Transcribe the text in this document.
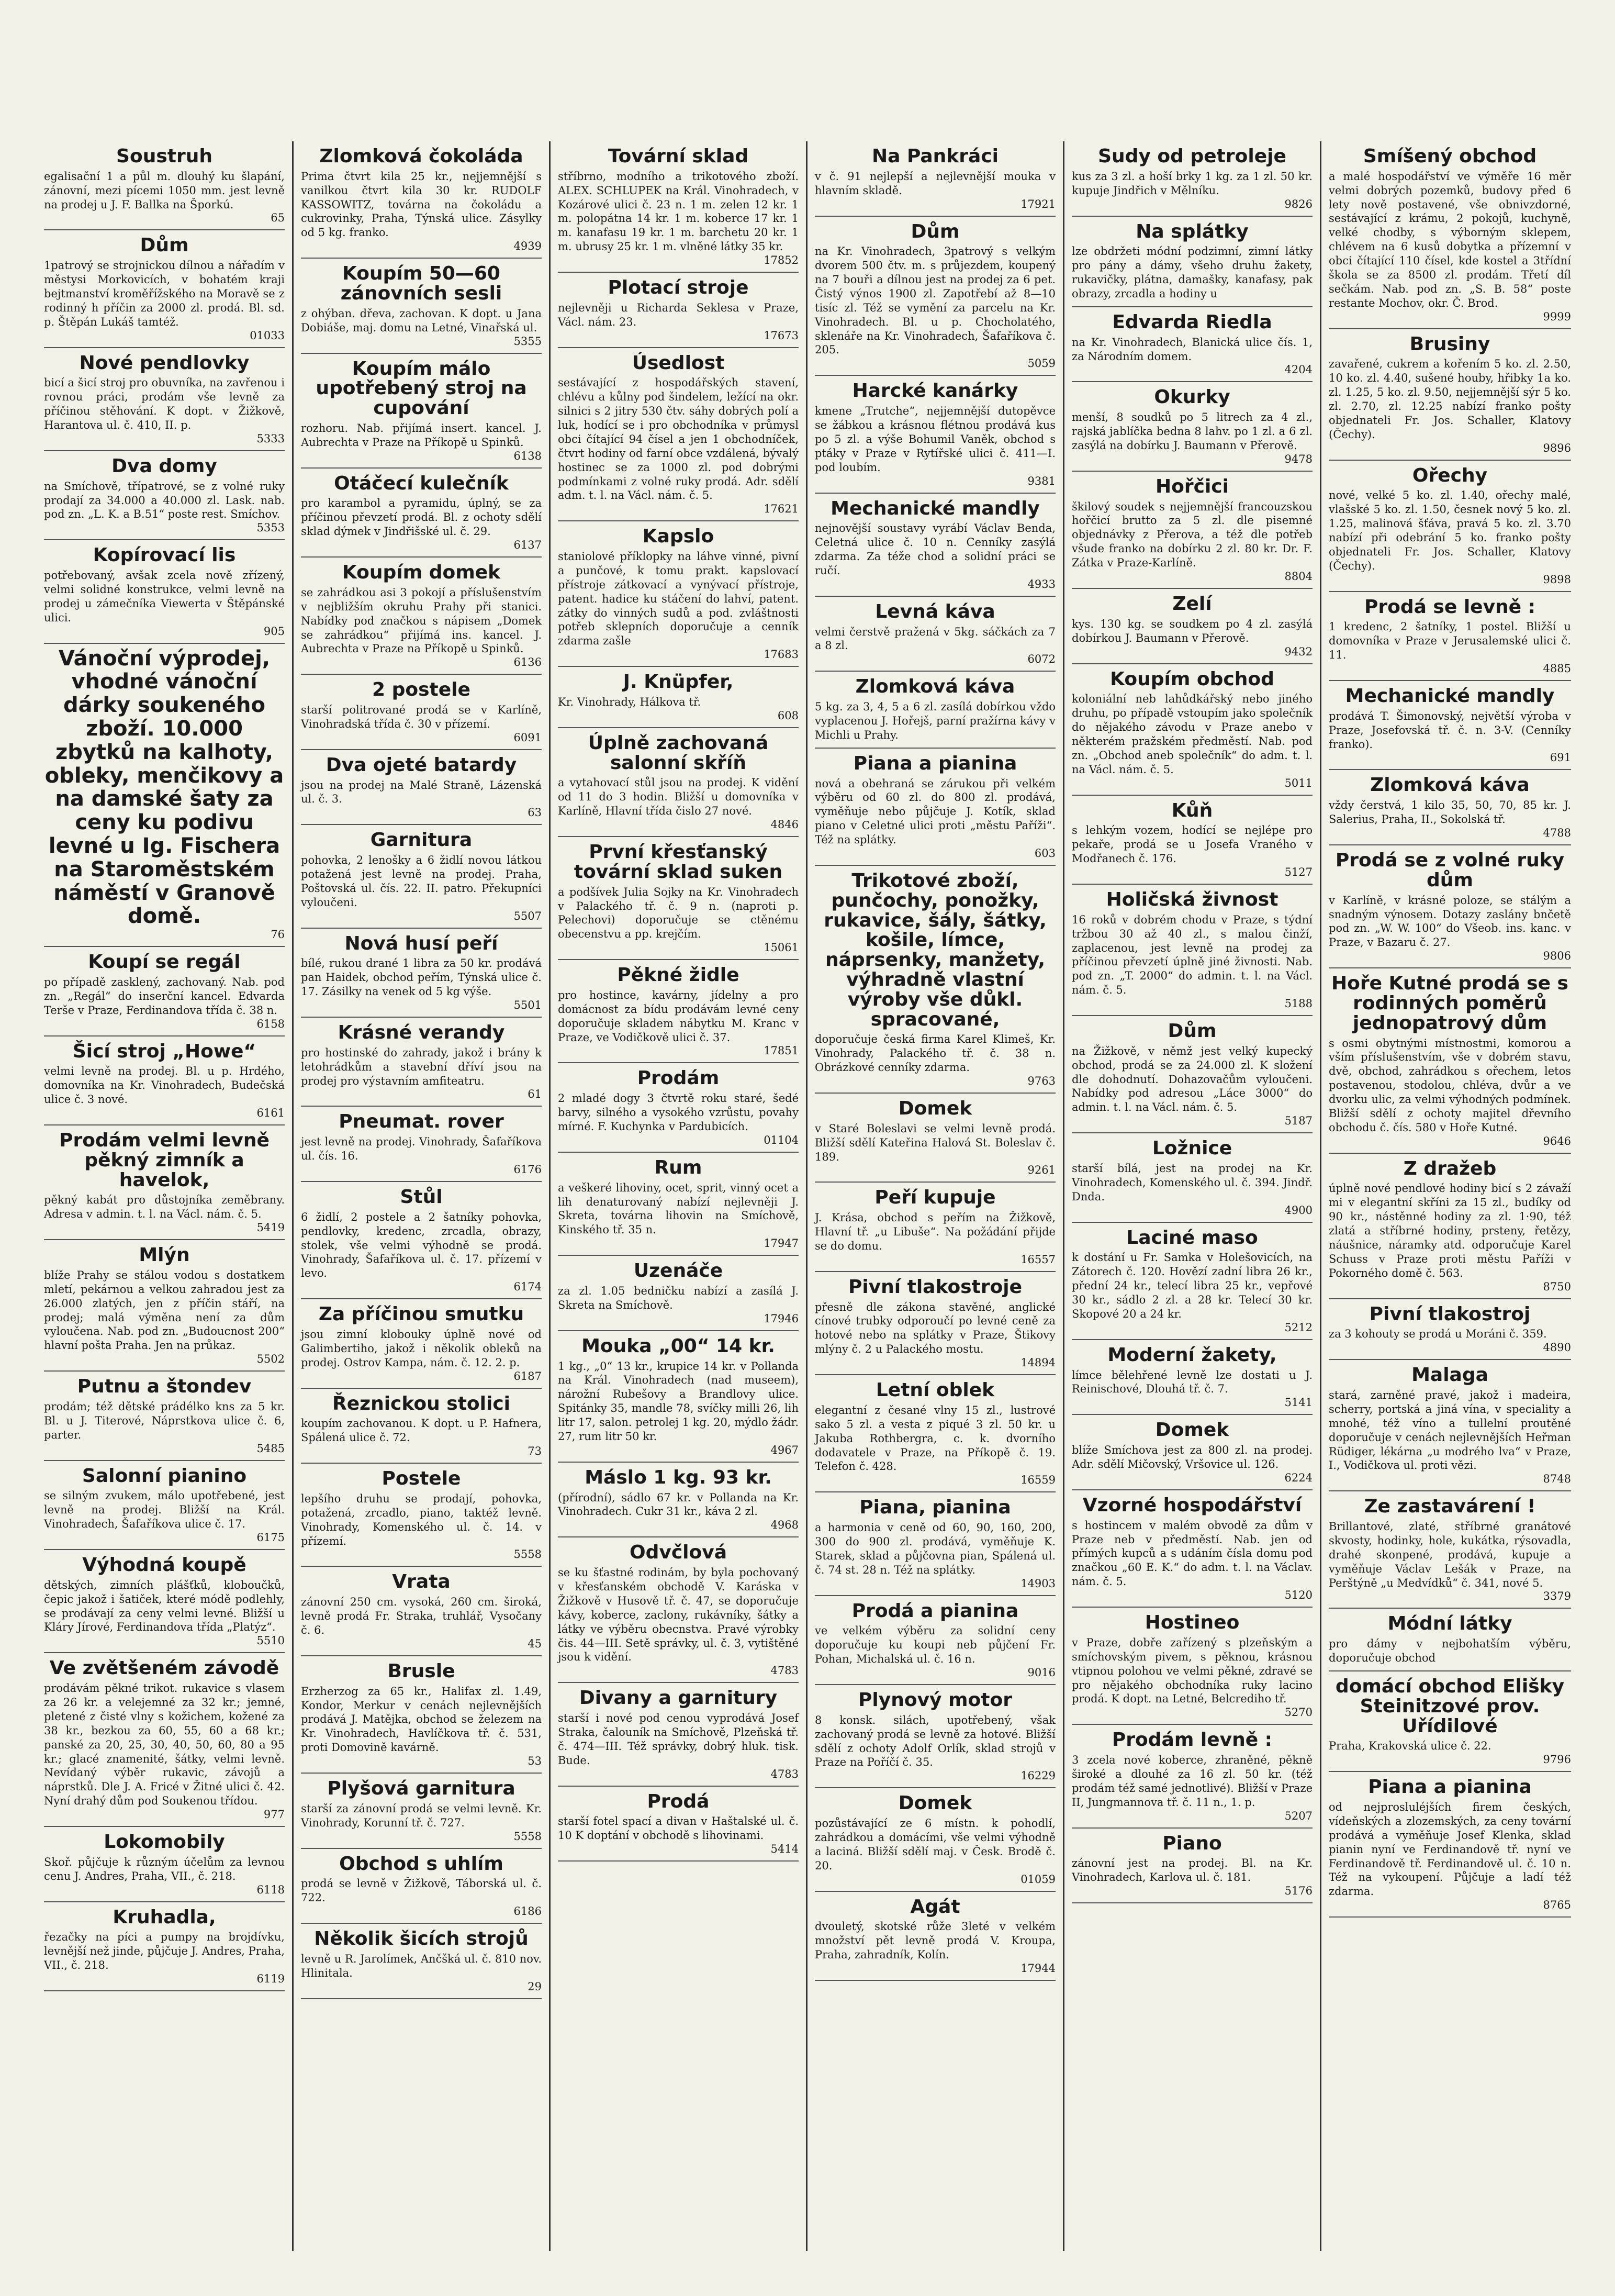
Soustruh

egalisační 1 a půl m. dlouhý ku šlapání, zánovní, mezi pícemi 1050 mm. jest levně na prodej u J. F. Ballka na Šporkú.

65
Dům

1patrový se strojnickou dílnou a nářadím v městysi Morkovicích, v bohatém kraji bejtmanství kroměřížského na Moravě se z rodinný h příčin za 2000 zl. prodá. Bl. sd. p. Štěpán Lukáš tamtéž.

01033
Nové pendlovky

bicí a šicí stroj pro obuvníka, na zavřenou i rovnou práci, prodám vše levně za příčinou stěhování. K dopt. v Žižkově, Harantova ul. č. 410, II. p.

5333
Dva domy

na Smíchově, třípatrové, se z volné ruky prodají za 34.000 a 40.000 zl. Lask. nab. pod zn. „L. K. a B.51“ poste rest. Smíchov.

5353
Kopírovací lis

potřebovaný, avšak zcela nově zřízený, velmi solidné konstrukce, velmi levně na prodej u zámečníka Viewerta v Štěpánské ulici.

905

Vánoční výprodej, vhodné vánoční dárky soukeného zboží. 10.000 zbytků na kalhoty, obleky, menčikovy a na damské šaty za ceny ku podivu levné u Ig. Fischera na Staroměstském náměstí v Granově domě.

76
Koupí se regál

po případě zasklený, zachovaný. Nab. pod zn. „Regál“ do inserční kancel. Edvarda Terše v Praze, Ferdinandova třída č. 38 n.

6158
Šicí stroj „Howe“

velmi levně na prodej. Bl. u p. Hrdého, domovníka na Kr. Vinohradech, Budečská ulice č. 3 nové.

6161
Prodám velmi levně pěkný zimník a havelok,

pěkný kabát pro důstojníka zeměbrany. Adresa v admin. t. l. na Václ. nám. č. 5.

5419
Mlýn

blíže Prahy se stálou vodou s dostatkem mletí, pekárnou a velkou zahradou jest za 26.000 zlatých, jen z příčin stáří, na prodej; malá výměna není za dům vyloučena. Nab. pod zn. „Budoucnost 200“ hlavní pošta Praha. Jen na průkaz.

5502
Putnu a štondev

prodám; též dětské prádélko kns za 5 kr. Bl. u J. Titerové, Náprstkova ulice č. 6, parter.

5485
Salonní pianino

se silným zvukem, málo upotřebené, jest levně na prodej. Bližší na Král. Vinohradech, Šafaříkova ulice č. 17.

6175
Výhodná koupě

dětských, zimních plášťků, kloboučků, čepic jakož i šatiček, které módě podlehly, se prodávají za ceny velmi levné. Bližší u Kláry Jírové, Ferdinandova třída „Platýz“.

5510
Ve zvětšeném závodě

prodávám pěkné trikot. rukavice s vlasem za 26 kr. a velejemné za 32 kr.; jemné, pletené z čisté vlny s kožichem, kožené za 38 kr., bezkou za 60, 55, 60 a 68 kr.; panské za 20, 25, 30, 40, 50, 60, 80 a 95 kr.; glacé znamenité, šátky, velmi levně. Nevídaný výběr rukavic, závojů a náprstků. Dle J. A. Fricé v Žitné ulici č. 42. Nyní drahý dům pod Soukenou třídou.

977
Lokomobily

Skoř. půjčuje k různým účelům za levnou cenu J. Andres, Praha, VII., č. 218.

6118
Kruhadla,

řezačky na píci a pumpy na brojdívku, levnější než jinde, půjčuje J. Andres, Praha, VII., č. 218.

6119
Zlomková čokoláda

Prima čtvrt kila 25 kr., nejjemnější s vanilkou čtvrt kila 30 kr. RUDOLF KASSOWITZ, továrna na čokoládu a cukrovinky, Praha, Týnská ulice. Zásylky od 5 kg. franko.

4939
Koupím 50—60 zánovních sesli

z ohýban. dřeva, zachovan. K dopt. u Jana Dobiáše, maj. domu na Letné, Vinařská ul.

5355
Koupím málo upotřebený stroj na cupování

rozhoru. Nab. přijímá insert. kancel. J. Aubrechta v Praze na Příkopě u Spinků.

6138
Otáčecí kulečník

pro karambol a pyramidu, úplný, se za příčinou převzetí prodá. Bl. z ochoty sdělí sklad dýmek v Jindřišské ul. č. 29.

6137
Koupím domek

se zahrádkou asi 3 pokojí a příslušenstvím v nejbližším okruhu Prahy při stanici. Nabídky pod značkou s nápisem „Domek se zahrádkou“ přijímá ins. kancel. J. Aubrechta v Praze na Příkopě u Spinků.

6136
2 postele

starší politrované prodá se v Karlíně, Vinohradská třída č. 30 v přízemí.

6091
Dva ojeté batardy

jsou na prodej na Malé Straně, Lázenská ul. č. 3.

63
Garnitura

pohovka, 2 lenošky a 6 židlí novou látkou potažená jest levně na prodej. Praha, Poštovská ul. čís. 22. II. patro. Překupníci vyloučeni.

5507
Nová husí peří

bílé, rukou drané 1 libra za 50 kr. prodává pan Haidek, obchod peřím, Týnská ulice č. 17. Zásilky na venek od 5 kg výše.

5501
Krásné verandy

pro hostinské do zahrady, jakož i brány k letohrádkům a stavební dříví jsou na prodej pro výstavním amfiteatru.

61
Pneumat. rover

jest levně na prodej. Vinohrady, Šafaříkova ul. čís. 16.

6176
Stůl

6 židlí, 2 postele a 2 šatníky pohovka, pendlovky, kredenc, zrcadla, obrazy, stolek, vše velmi výhodně se prodá. Vinohrady, Šafaříkova ul. č. 17. přízemí v levo.

6174
Za příčinou smutku

jsou zimní klobouky úplně nové od Galimbertiho, jakož i několik obleků na prodej. Ostrov Kampa, nám. č. 12. 2. p.

6187
Řeznickou stolici

koupím zachovanou. K dopt. u P. Hafnera, Spálená ulice č. 72.

73
Postele

lepšího druhu se prodají, pohovka, potažená, zrcadlo, piano, taktéž levně. Vinohrady, Komenského ul. č. 14. v přízemí.

5558
Vrata

zánovní 250 cm. vysoká, 260 cm. široká, levně prodá Fr. Straka, truhlář, Vysočany č. 6.

45
Brusle

Erzherzog za 65 kr., Halifax zl. 1.49, Kondor, Merkur v cenách nejlevnějších prodává J. Matějka, obchod se železem na Kr. Vinohradech, Havlíčkova tř. č. 531, proti Domovině kavárně.

53
Plyšová garnitura

starší za zánovní prodá se velmi levně. Kr. Vinohrady, Korunní tř. č. 727.

5558
Obchod s uhlím

prodá se levně v Žižkově, Táborská ul. č. 722.

6186
Několik šicích strojů

levně u R. Jarolímek, Ančšká ul. č. 810 nov. Hlinitala.

29
Tovární sklad

stříbrno, modního a trikotového zboží. ALEX. SCHLUPEK na Král. Vinohradech, v Kozárové ulici č. 23 n. 1 m. zelen 12 kr. 1 m. polopátna 14 kr. 1 m. koberce 17 kr. 1 m. kanafasu 19 kr. 1 m. barchetu 20 kr. 1 m. ubrusy 25 kr. 1 m. vlněné látky 35 kr.

17852
Plotací stroje

nejlevněji u Richarda Seklesa v Praze, Václ. nám. 23.

17673
Úsedlost

sestávající z hospodářských stavení, chlévu a kůlny pod šindelem, ležící na okr. silnici s 2 jitry 530 čtv. sáhy dobrých polí a luk, hodící se i pro obchodníka v průmysl obci čítající 94 čísel a jen 1 obchodníček, čtvrt hodiny od farní obce vzdálená, bývalý hostinec se za 1000 zl. pod dobrými podmínkami z volné ruky prodá. Adr. sdělí adm. t. l. na Václ. nám. č. 5.

17621
Kapslo

staniolové příklopky na láhve vinné, pivní a punčové, k tomu prakt. kapslovací přístroje zátkovací a vynývací přístroje, patent. hadice ku stáčení do lahví, patent. zátky do vinných sudů a pod. zvláštnosti potřeb sklepních doporučuje a cenník zdarma zašle

17683
J. Knüpfer,

Kr. Vinohrady, Hálkova tř.

608
Úplně zachovaná salonní skříň

a vytahovací stůl jsou na prodej. K vidění od 11 do 3 hodin. Bližší u domovníka v Karlíně, Hlavní třída čislo 27 nové.

4846
První křesťanský tovární sklad suken

a podšívek Julia Sojky na Kr. Vinohradech v Palackého tř. č. 9 n. (naproti p. Pelechovi) doporučuje se ctěnému obecenstvu a pp. krejčím.

15061
Pěkné židle

pro hostince, kavárny, jídelny a pro domácnost za bídu prodávám levné ceny doporučuje skladem nábytku M. Kranc v Praze, ve Vodičkově ulici č. 37.

17851
Prodám

2 mladé dogy 3 čtvrtě roku staré, šedé barvy, silného a vysokého vzrůstu, povahy mírné. F. Kuchynka v Pardubicích.

01104
Rum

a veškeré lihoviny, ocet, sprit, vinný ocet a lih denaturovaný nabízí nejlevněji J. Skreta, továrna lihovin na Smíchově, Kinského tř. 35 n.

17947
Uzenáče

za zl. 1.05 bedničku nabízí a zasílá J. Skreta na Smíchově.

17946
Mouka „00“ 14 kr.

1 kg., „0“ 13 kr., krupice 14 kr. v Pollanda na Král. Vinohradech (nad museem), nárožní Rubešovy a Brandlovy ulice. Spitánky 35, mandle 78, svíčky milli 26, lih litr 17, salon. petrolej 1 kg. 20, mýdlo žádr. 27, rum litr 50 kr.

4967
Máslo 1 kg. 93 kr.

(přírodní), sádlo 67 kr. v Pollanda na Kr. Vinohradech. Cukr 31 kr., káva 2 zl.

4968
Odvčlová

se ku šťastné rodinám, by byla pochovaný v křesťanském obchodě V. Karáska v Žižkově v Husově tř. č. 47, se doporučuje kávy, koberce, zaclony, rukávníky, šátky a látky ve výběru obecnstva. Pravé výrobky čis. 44—III. Setě správky, ul. č. 3, vytištěné jsou k vidění.

4783
Divany a garnitury

starší i nové pod cenou vyprodává Josef Straka, čalouník na Smíchově, Plzeňská tř. č. 474—III. Též správky, dobrý hluk. tisk. Bude.

4783
Prodá

starší fotel spací a divan v Haštalské ul. č. 10 K doptání v obchodě s lihovinami.

5414
Na Pankráci

v č. 91 nejlepší a nejlevnější mouka v hlavním skladě.

17921
Dům

na Kr. Vinohradech, 3patrový s velkým dvorem 500 čtv. m. s průjezdem, koupený na 7 bouři a dílnou jest na prodej za 6 pet. Čistý výnos 1900 zl. Zapotřebí až 8—10 tisíc zl. Též se vymění za parcelu na Kr. Vinohradech. Bl. u p. Chocholatého, sklenáře na Kr. Vinohradech, Šafaříkova č. 205.

5059
Harcké kanárky

kmene „Trutche“, nejjemnější dutopěvce se žábkou a krásnou flétnou prodává kus po 5 zl. a výše Bohumil Vaněk, obchod s ptáky v Praze v Rytířské ulici č. 411—I. pod loubím.

9381
Mechanické mandly

nejnovější soustavy vyrábí Václav Benda, Celetná ulice č. 10 n. Cenníky zasýlá zdarma. Za téže chod a solidní práci se ručí.

4933
Levná káva

velmi čerstvě pražená v 5kg. sáčkách za 7 a 8 zl.

6072
Zlomková káva

5 kg. za 3, 4, 5 a 6 zl. zasílá dobírkou vždo vyplacenou J. Hořejš, parní pražírna kávy v Michli u Prahy.

Piana a pianina

nová a obehraná se zárukou při velkém výběru od 60 zl. do 800 zl. prodává, vyměňuje nebo půjčuje J. Kotík, sklad piano v Celetné ulici proti „městu Paříži“. Též na splátky.

603
Trikotové zboží, punčochy, ponožky, rukavice, šály, šátky, košile, límce, náprsenky, manžety, výhradně vlastní výroby vše důkl. spracované,

doporučuje česká firma Karel Klimeš, Kr. Vinohrady, Palackého tř. č. 38 n. Obrázkové cenníky zdarma.

9763
Domek

v Staré Boleslavi se velmi levně prodá. Bližší sdělí Kateřina Halová St. Boleslav č. 189.

9261
Peří kupuje

J. Krása, obchod s peřím na Žižkově, Hlavní tř. „u Libuše“. Na požádání přijde se do domu.

16557
Pivní tlakostroje

přesně dle zákona stavěné, anglické cínové trubky odporoučí po levné ceně za hotové nebo na splátky v Praze, Štikovy mlýny č. 2 u Palackého mostu.

14894
Letní oblek

elegantní z česané vlny 15 zl., lustrové sako 5 zl. a vesta z piqué 3 zl. 50 kr. u Jakuba Rothbergra, c. k. dvorního dodavatele v Praze, na Příkopě č. 19. Telefon č. 428.

16559
Piana, pianina

a harmonia v ceně od 60, 90, 160, 200, 300 do 900 zl. prodává, vyměňuje K. Starek, sklad a půjčovna pian, Spálená ul. č. 74 st. 28 n. Též na splátky.

14903
Prodá a pianina

ve velkém výběru za solidní ceny doporučuje ku koupi neb půjčení Fr. Pohan, Michalská ul. č. 16 n.

9016
Plynový motor

8 konsk. silách, upotřebený, však zachovaný prodá se levně za hotové. Bližší sdělí z ochoty Adolf Orlík, sklad strojů v Praze na Poříčí č. 35.

16229
Domek

pozůstávající ze 6 místn. k pohodlí, zahrádkou a domácími, vše velmi výhodně a laciná. Bližší sdělí maj. v Česk. Brodě č. 20.

01059
Agát

dvouletý, skotské růže 3leté v velkém množství pět levně prodá V. Kroupa, Praha, zahradník, Kolín.

17944
Sudy od petroleje

kus za 3 zl. a hoší brky 1 kg. za 1 zl. 50 kr. kupuje Jindřich v Mělníku.

9826
Na splátky

lze obdržeti módní podzimní, zimní látky pro pány a dámy, všeho druhu žakety, rukavičky, plátna, damašky, kanafasy, pak obrazy, zrcadla a hodiny u

Edvarda Riedla

na Kr. Vinohradech, Blanická ulice čís. 1, za Národním domem.

4204
Okurky

menší, 8 soudků po 5 litrech za 4 zl., rajská jablíčka bedna 8 lahv. po 1 zl. a 6 zl. zasýlá na dobírku J. Baumann v Přerově.

9478
Hořčici

škilový soudek s nejjemnější francouzskou hořčicí brutto za 5 zl. dle pisemné objednávky z Přerova, a též dle potřeb všude franko na dobírku 2 zl. 80 kr. Dr. F. Zátka v Praze-Karlíně.

8804
Zelí

kys. 130 kg. se soudkem po 4 zl. zasýlá dobírkou J. Baumann v Přerově.

9432
Koupím obchod

koloniální neb lahůdkářský nebo jiného druhu, po případě vstoupím jako společník do nějakého závodu v Praze anebo v některém pražském předměstí. Nab. pod zn. „Obchod aneb společník“ do adm. t. l. na Václ. nám. č. 5.

5011
Kůň

s lehkým vozem, hodící se nejlépe pro pekaře, prodá se u Josefa Vraného v Modřanech č. 176.

5127
Holičská živnost

16 roků v dobrém chodu v Praze, s týdní tržbou 30 až 40 zl., s malou činží, zaplacenou, jest levně na prodej za příčinou převzetí úplně jiné živnosti. Nab. pod zn. „T. 2000“ do admin. t. l. na Václ. nám. č. 5.

5188
Dům

na Žižkově, v němž jest velký kupecký obchod, prodá se za 24.000 zl. K složení dle dohodnutí. Dohazovačům vyloučeni. Nabídky pod adresou „Láce 3000“ do admin. t. l. na Václ. nám. č. 5.

5187
Ložnice

starší bílá, jest na prodej na Kr. Vinohradech, Komenského ul. č. 394. Jindř. Dnda.

4900
Laciné maso

k dostání u Fr. Samka v Holešovicích, na Zátorech č. 120. Hovězí zadní libra 26 kr., přední 24 kr., telecí libra 25 kr., vepřové 30 kr., sádlo 2 zl. a 28 kr. Telecí 30 kr. Skopové 20 a 24 kr.

5212
Moderní žakety,

límce bělehřené levně lze dostati u J. Reinischové, Dlouhá tř. č. 7.

5141
Domek

blíže Smíchova jest za 800 zl. na prodej. Adr. sdělí Mičovský, Vršovice ul. 126.

6224
Vzorné hospodářství

s hostincem v malém obvodě za dům v Praze neb v předměstí. Nab. jen od přímých kupců a s udáním čísla domu pod značkou „60 E. K.“ do adm. t. l. na Václav. nám. č. 5.

5120
Hostineo

v Praze, dobře zařízený s plzeňským a smíchovským pivem, s pěknou, krásnou vtipnou polohou ve velmi pěkné, zdravé se pro nějakého obchodníka ruky lacino prodá. K dopt. na Letné, Belcrediho tř.

5270
Prodám levně :

3 zcela nové koberce, zhraněné, pěkně široké a dlouhé za 16 zl. 50 kr. (též prodám též samé jednotlivé). Bližší v Praze II, Jungmannova tř. č. 11 n., 1. p.

5207
Piano

zánovní jest na prodej. Bl. na Kr. Vinohradech, Karlova ul. č. 181.

5176
Smíšený obchod

a malé hospodářství ve výměře 16 měr velmi dobrých pozemků, budovy před 6 lety nově postavené, vše obnivzdorné, sestávající z krámu, 2 pokojů, kuchyně, velké chodby, s výborným sklepem, chlévem na 6 kusů dobytka a přízemní v obci čítající 110 čísel, kde kostel a 3třídní škola se za 8500 zl. prodám. Třetí díl sečkám. Nab. pod zn. „S. B. 58“ poste restante Mochov, okr. Č. Brod.

9999
Brusiny

zavařené, cukrem a kořením 5 ko. zl. 2.50, 10 ko. zl. 4.40, sušené houby, hřibky 1a ko. zl. 1.25, 5 ko. zl. 9.50, nejjemnější sýr 5 ko. zl. 2.70, zl. 12.25 nabízí franko pošty objednateli Fr. Jos. Schaller, Klatovy (Čechy).

9896
Ořechy

nové, velké 5 ko. zl. 1.40, ořechy malé, vlašské 5 ko. zl. 1.50, česnek nový 5 ko. zl. 1.25, malinová šťáva, pravá 5 ko. zl. 3.70 nabízí při odebrání 5 ko. franko pošty objednateli Fr. Jos. Schaller, Klatovy (Čechy).

9898
Prodá se levně :

1 kredenc, 2 šatníky, 1 postel. Bližší u domovníka v Praze v Jerusalemské ulici č. 11.

4885
Mechanické mandly

prodává T. Šimonovský, největší výroba v Praze, Josefovská tř. č. n. 3-V. (Cenníky franko).

691
Zlomková káva

vždy čerstvá, 1 kilo 35, 50, 70, 85 kr. J. Salerius, Praha, II., Sokolská tř.

4788
Prodá se z volné ruky dům

v Karlíně, v krásné poloze, se stálým a snadným výnosem. Dotazy zaslány bnčetě pod zn. „W. W. 100“ do Všeob. ins. kanc. v Praze, v Bazaru č. 27.

9806
Hoře Kutné prodá se s rodinných poměrů jednopatrový dům

s osmi obytnými místnostmi, komorou a vším příslušenstvím, vše v dobrém stavu, dvě, obchod, zahrádkou s ořechem, letos postavenou, stodolou, chléva, dvůr a ve dvorku ulic, za velmi výhodných podmínek. Bližší sdělí z ochoty majitel dřevního obchodu č. čís. 580 v Hoře Kutné.

9646
Z dražeb

úplně nové pendlové hodiny bicí s 2 závaží mi v elegantní skříni za 15 zl., budíky od 90 kr., nástěnné hodiny za zl. 1·90, též zlatá a stříbrné hodiny, prsteny, řetězy, náušnice, náramky atd. odporučuje Karel Schuss v Praze proti městu Paříži v Pokorného domě č. 563.

8750
Pivní tlakostroj

za 3 kohouty se prodá u Moráni č. 359.

4890
Malaga

stará, zarněné pravé, jakož i madeira, scherry, portská a jiná vína, v speciality a mnohé, též víno a tullelní proutěné doporučuje v cenách nejlevnějších Heřman Rüdiger, lékárna „u modrého lva“ v Praze, I., Vodičkova ul. proti vězi.

8748
Ze zastavárení !

Brillantové, zlaté, stříbrné granátové skvosty, hodinky, hole, kukátka, rýsovadla, drahé skonpené, prodává, kupuje a vyměňuje Václav Lešák v Praze, na Perštýně „u Medvídků“ č. 341, nové 5.

3379
Módní látky

pro dámy v nejbohatším výběru, doporučuje obchod

domácí obchod Elišky Steinitzové prov. Uřídilové

Praha, Krakovská ulice č. 22.

9796
Piana a pianina

od nejprosluléjších firem českých, vídeňských a zlozemských, za ceny tovární prodává a vyměňuje Josef Klenka, sklad pianin nyní ve Ferdinandově tř. nyní ve Ferdinandově tř. Ferdinandově ul. č. 10 n. Též na vykoupení. Půjčuje a ladí též zdarma.

8765
